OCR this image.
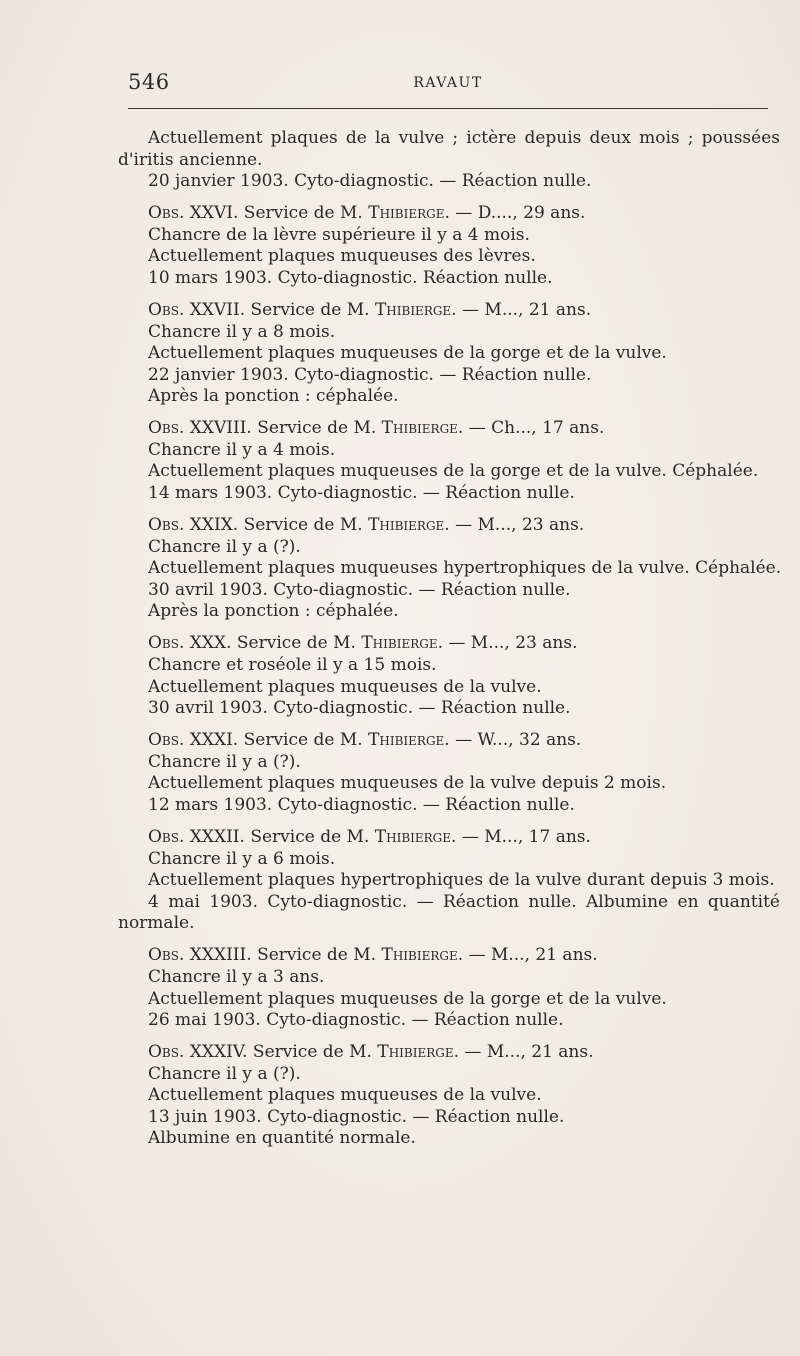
546	RAVAUT
Actuellement plaques de la vulve ; ictère depuis deux mois ; poussées
d'iritis ancienne.
20 janvier 1903. Cyto-diagnostic. — Réaction nulle.
Obs. XXVI. Service de M. Thibierge. — D...., 29 ans.
Chancre de la lèvre supérieure il y a 4 mois.
Actuellement plaques muqueuses des lèvres.
10 mars 1903. Cyto-diagnostic. Réaction nulle.
Obs. XXVII. Service de M. Thibierge. — M..., 21 ans.
Chancre il y a 8 mois.
Actuellement plaques muqueuses de la gorge et de la vulve.
22 janvier 1903. Cyto-diagnostic. — Réaction nulle.
Après la ponction : céphalée.
Obs. XXVIII. Service de M. Thibierge. — Ch..., 17 ans.
Chancre il y a 4 mois.
Actuellement plaques muqueuses de la gorge et de la vulve. Céphalée.
14 mars 1903. Cyto-diagnostic. — Réaction nulle.
Obs. XXIX. Service de M. Thibierge. — M..., 23 ans.
Chancre il y a (?).
Actuellement plaques muqueuses hypertrophiques de la vulve. Céphalée.
30 avril 1903. Cyto-diagnostic. — Réaction nulle.
Après la ponction : céphalée.
Obs. XXX. Service de M. Thibierge. — M..., 23 ans.
Chancre et roséole il y a 15 mois.
Actuellement plaques muqueuses de la vulve.
30 avril 1903. Cyto-diagnostic. — Réaction nulle.
Obs. XXXI. Service de M. Thibierge. — W..., 32 ans.
Chancre il y a (?).
Actuellement plaques muqueuses de la vulve depuis 2 mois.
12 mars 1903. Cyto-diagnostic. — Réaction nulle.
Obs. XXXII. Service de M. Thibierge. — M..., 17 ans.
Chancre il y a 6 mois.
Actuellement plaques hypertrophiques de la vulve durant depuis 3 mois.
4 mai 1903. Cyto-diagnostic. — Réaction nulle. Albumine en quantité
normale.
Obs. XXXIII. Service de M. Thibierge. — M..., 21 ans.
Chancre il y a 3 ans.
Actuellement plaques muqueuses de la gorge et de la vulve.
26 mai 1903. Cyto-diagnostic. — Réaction nulle.
Obs. XXXIV. Service de M. Thibierge. — M..., 21 ans.
Chancre il y a (?).
Actuellement plaques muqueuses de la vulve.
13 juin 1903. Cyto-diagnostic. — Réaction nulle.
Albumine en quantité normale.
